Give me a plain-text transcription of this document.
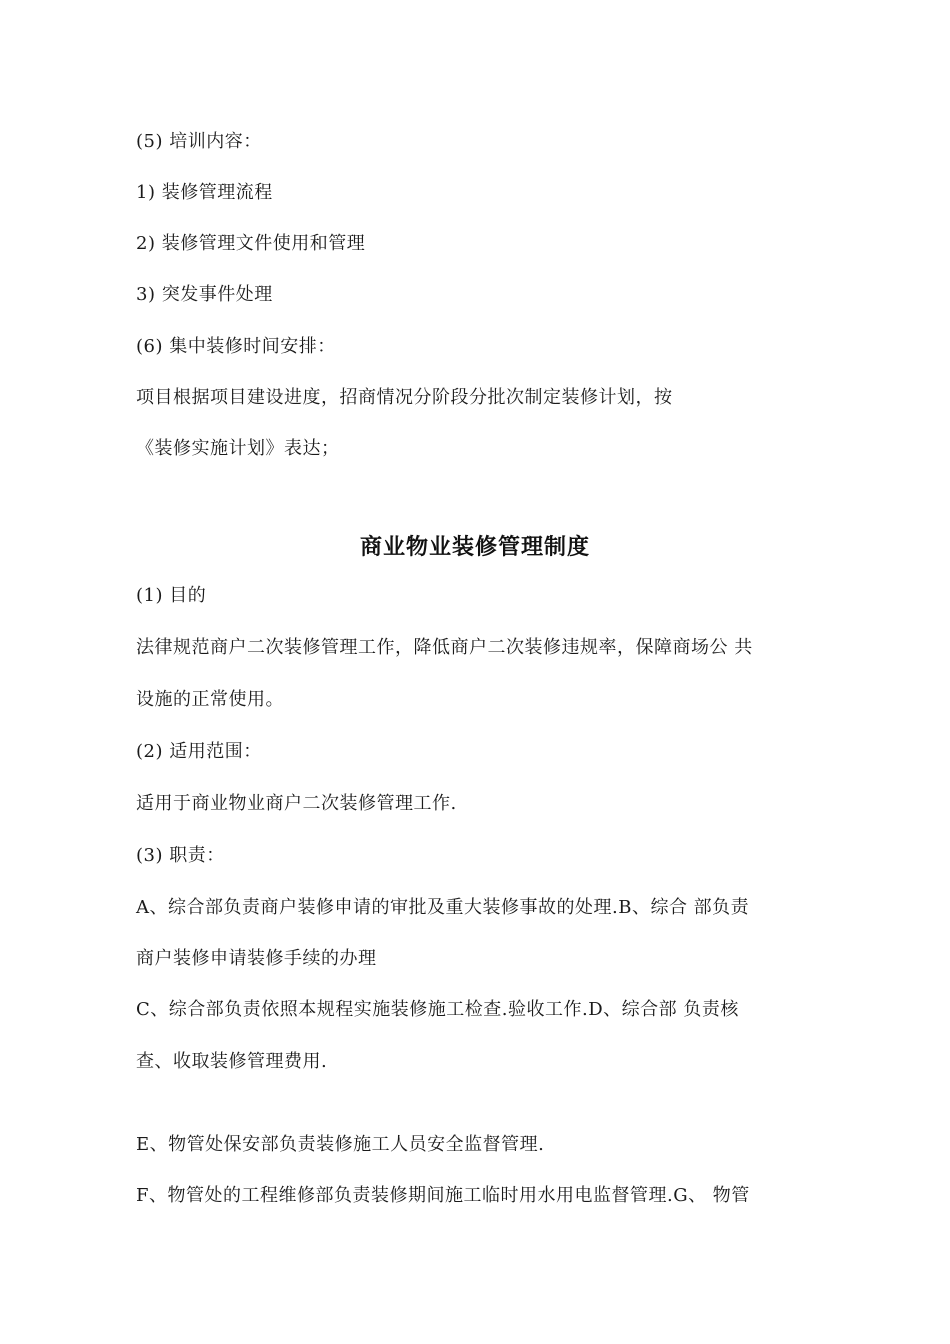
(5) 培训内容：
1) 装修管理流程
2) 装修管理文件使用和管理
3) 突发事件处理
(6) 集中装修时间安排：
项目根据项目建设进度，招商情况分阶段分批次制定装修计划，按
《装修实施计划》表达；
商业物业装修管理制度
(1) 目的
法律规范商户二次装修管理工作，降低商户二次装修违规率，保障商场公 共
设施的正常使用。
(2) 适用范围：
适用于商业物业商户二次装修管理工作.
(3) 职责：
A、综合部负责商户装修申请的审批及重大装修事故的处理.B、综合 部负责
商户装修申请装修手续的办理
C、综合部负责依照本规程实施装修施工检查.验收工作.D、综合部 负责核
查、收取装修管理费用.
E、物管处保安部负责装修施工人员安全监督管理.
F、物管处的工程维修部负责装修期间施工临时用水用电监督管理.G、 物管
